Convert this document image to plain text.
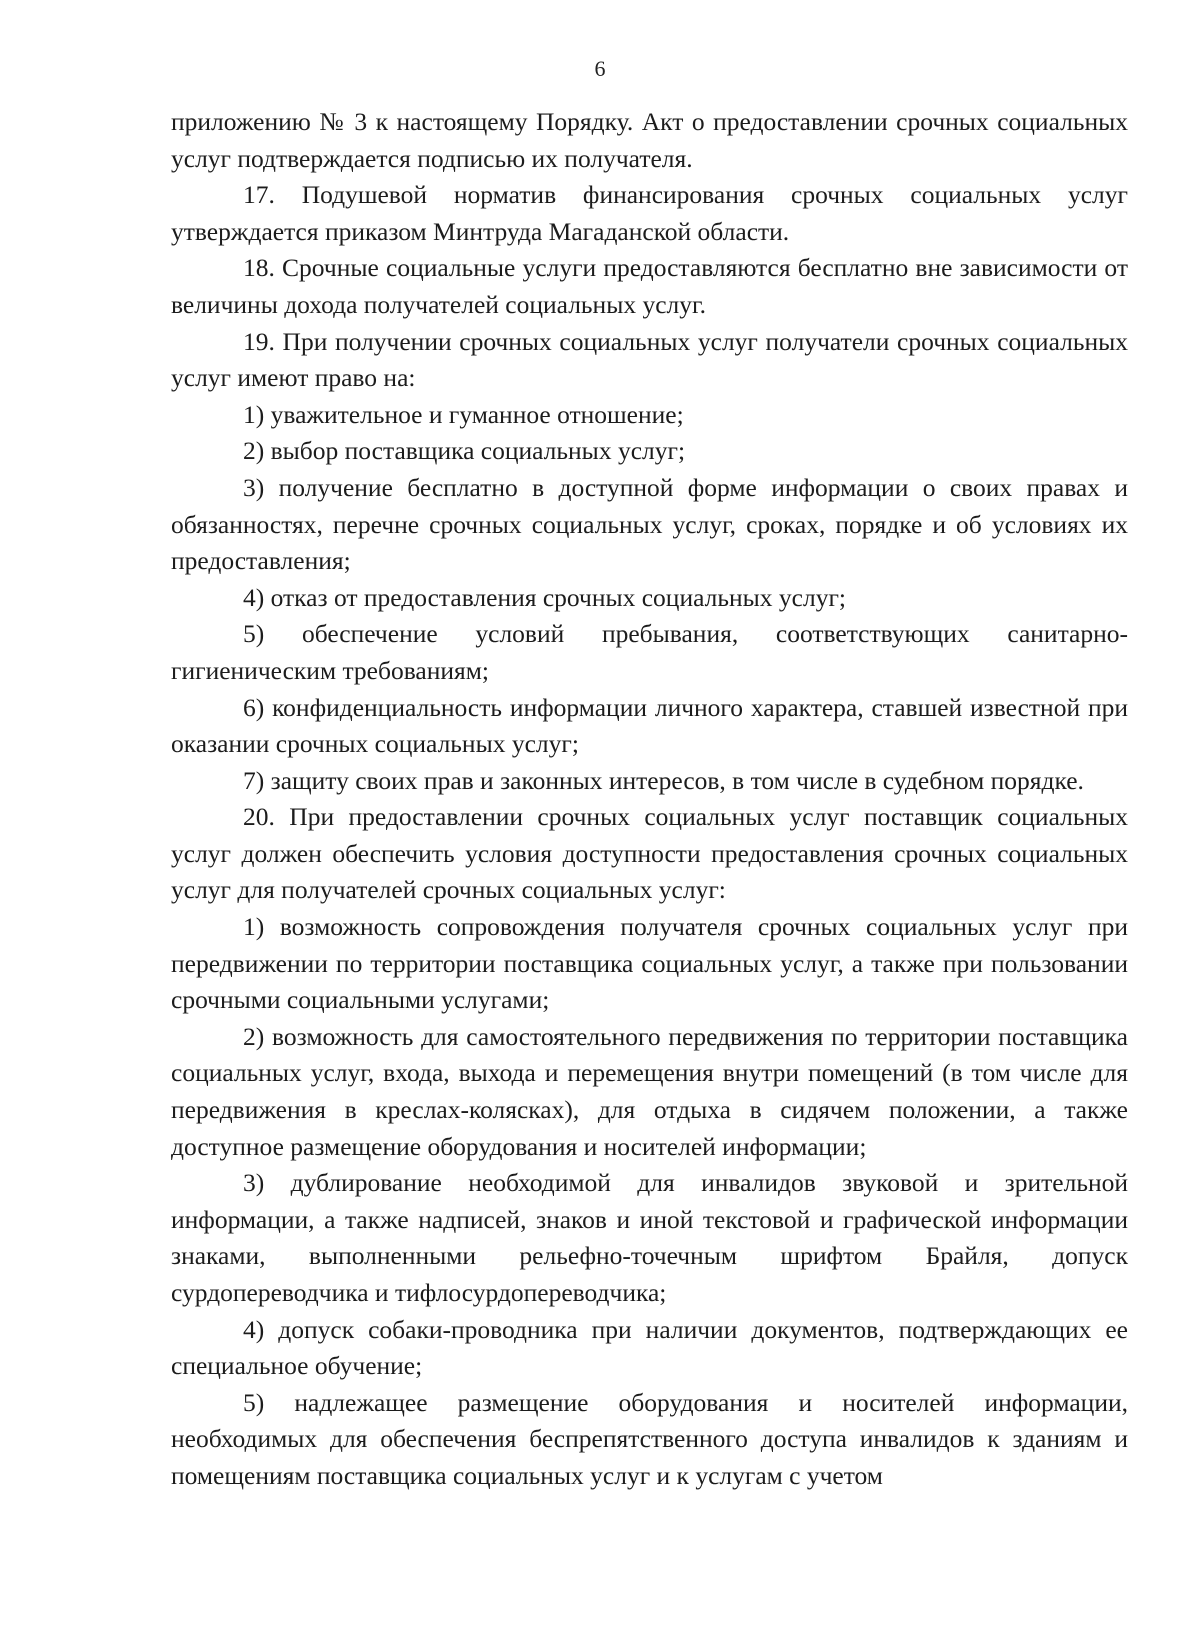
6

приложению № 3 к настоящему Порядку. Акт о предоставлении срочных социальных услуг подтверждается подписью их получателя.

17. Подушевой норматив финансирования срочных социальных услуг утверждается приказом Минтруда Магаданской области.

18. Срочные социальные услуги предоставляются бесплатно вне зависимости от величины дохода получателей социальных услуг.

19. При получении срочных социальных услуг получатели срочных социальных услуг имеют право на:

1) уважительное и гуманное отношение;

2) выбор поставщика социальных услуг;

3) получение бесплатно в доступной форме информации о своих правах и обязанностях, перечне срочных социальных услуг, сроках, порядке и об условиях их предоставления;

4) отказ от предоставления срочных социальных услуг;

5) обеспечение условий пребывания, соответствующих санитарно-гигиеническим требованиям;

6) конфиденциальность информации личного характера, ставшей известной при оказании срочных социальных услуг;

7) защиту своих прав и законных интересов, в том числе в судебном порядке.

20. При предоставлении срочных социальных услуг поставщик социальных услуг должен обеспечить условия доступности предоставления срочных социальных услуг для получателей срочных социальных услуг:

1) возможность сопровождения получателя срочных социальных услуг при передвижении по территории поставщика социальных услуг, а также при пользовании срочными социальными услугами;

2) возможность для самостоятельного передвижения по территории поставщика социальных услуг, входа, выхода и перемещения внутри помещений (в том числе для передвижения в креслах-колясках), для отдыха в сидячем положении, а также доступное размещение оборудования и носителей информации;

3) дублирование необходимой для инвалидов звуковой и зрительной информации, а также надписей, знаков и иной текстовой и графической информации знаками, выполненными рельефно-точечным шрифтом Брайля, допуск сурдопереводчика и тифлосурдопереводчика;

4) допуск собаки-проводника при наличии документов, подтверждающих ее специальное обучение;

5) надлежащее размещение оборудования и носителей информации, необходимых для обеспечения беспрепятственного доступа инвалидов к зданиям и помещениям поставщика социальных услуг и к услугам с учетом
